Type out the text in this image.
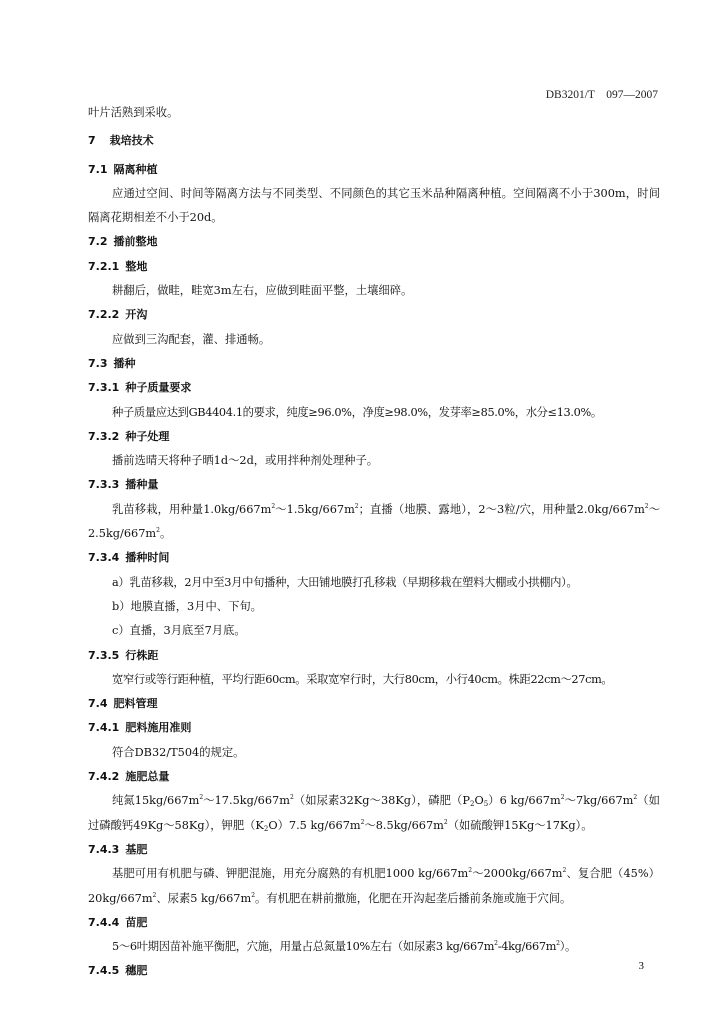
DB3201/T　097—2007

叶片活熟到采收。

7 栽培技术

7.1 隔离种植

应通过空间、时间等隔离方法与不同类型、不同颜色的其它玉米品种隔离种植。空间隔离不小于300m，时间隔离花期相差不小于20d。

7.2 播前整地

7.2.1 整地

耕翻后，做畦，畦宽3m左右，应做到畦面平整，土壤细碎。

7.2.2 开沟

应做到三沟配套，灌、排通畅。

7.3 播种

7.3.1 种子质量要求

种子质量应达到GB4404.1的要求，纯度≥96.0%，净度≥98.0%，发芽率≥85.0%，水分≤13.0%。

7.3.2 种子处理

播前选晴天将种子晒1d～2d，或用拌种剂处理种子。

7.3.3 播种量

乳苗移栽，用种量$1.0kg/667m^2\sim 1.5kg/667m^2$；直播（地膜、露地），2～3粒/穴，用种量$2.0kg/667m^2\sim 2.5kg/667m^2$。

7.3.4 播种时间

a）乳苗移栽，2月中至3月中旬播种，大田铺地膜打孔移栽（早期移栽在塑料大棚或小拱棚内）。

b）地膜直播，3月中、下旬。

c）直播，3月底至7月底。

7.3.5 行株距

宽窄行或等行距种植，平均行距60cm。采取宽窄行时，大行80cm，小行40cm。株距22cm～27cm。

7.4 肥料管理

7.4.1 肥料施用准则

符合DB32/T504的规定。

7.4.2 施肥总量

纯氮$15kg/667m^2\sim 17.5kg/667m^2$（如尿素32Kg～38Kg），磷肥$(P_2O_5)6$ $kg/667m^2\sim 7kg/667m^2$（如过磷酸钙49Kg～58Kg），钾肥$(K_2O)7.5$ $kg/667m^2\sim 8.5kg/667m^2$（如硫酸钾15Kg～17Kg）。

7.4.3 基肥

基肥可用有机肥与磷、钾肥混施，用充分腐熟的有机肥1000 $kg/667m^2\sim 2000kg/667m^2$、复合肥$(45\%)20kg/667m^2$、尿素5 $kg/667m^2$。有机肥在耕前撒施，化肥在开沟起垄后播前条施或施于穴间。

7.4.4 苗肥

5～6叶期因苗补施平衡肥，穴施，用量占总氮量10%左右（如尿素3 $kg/667m^2-4kg/667m^2$）。

7.4.5 穗肥	3
